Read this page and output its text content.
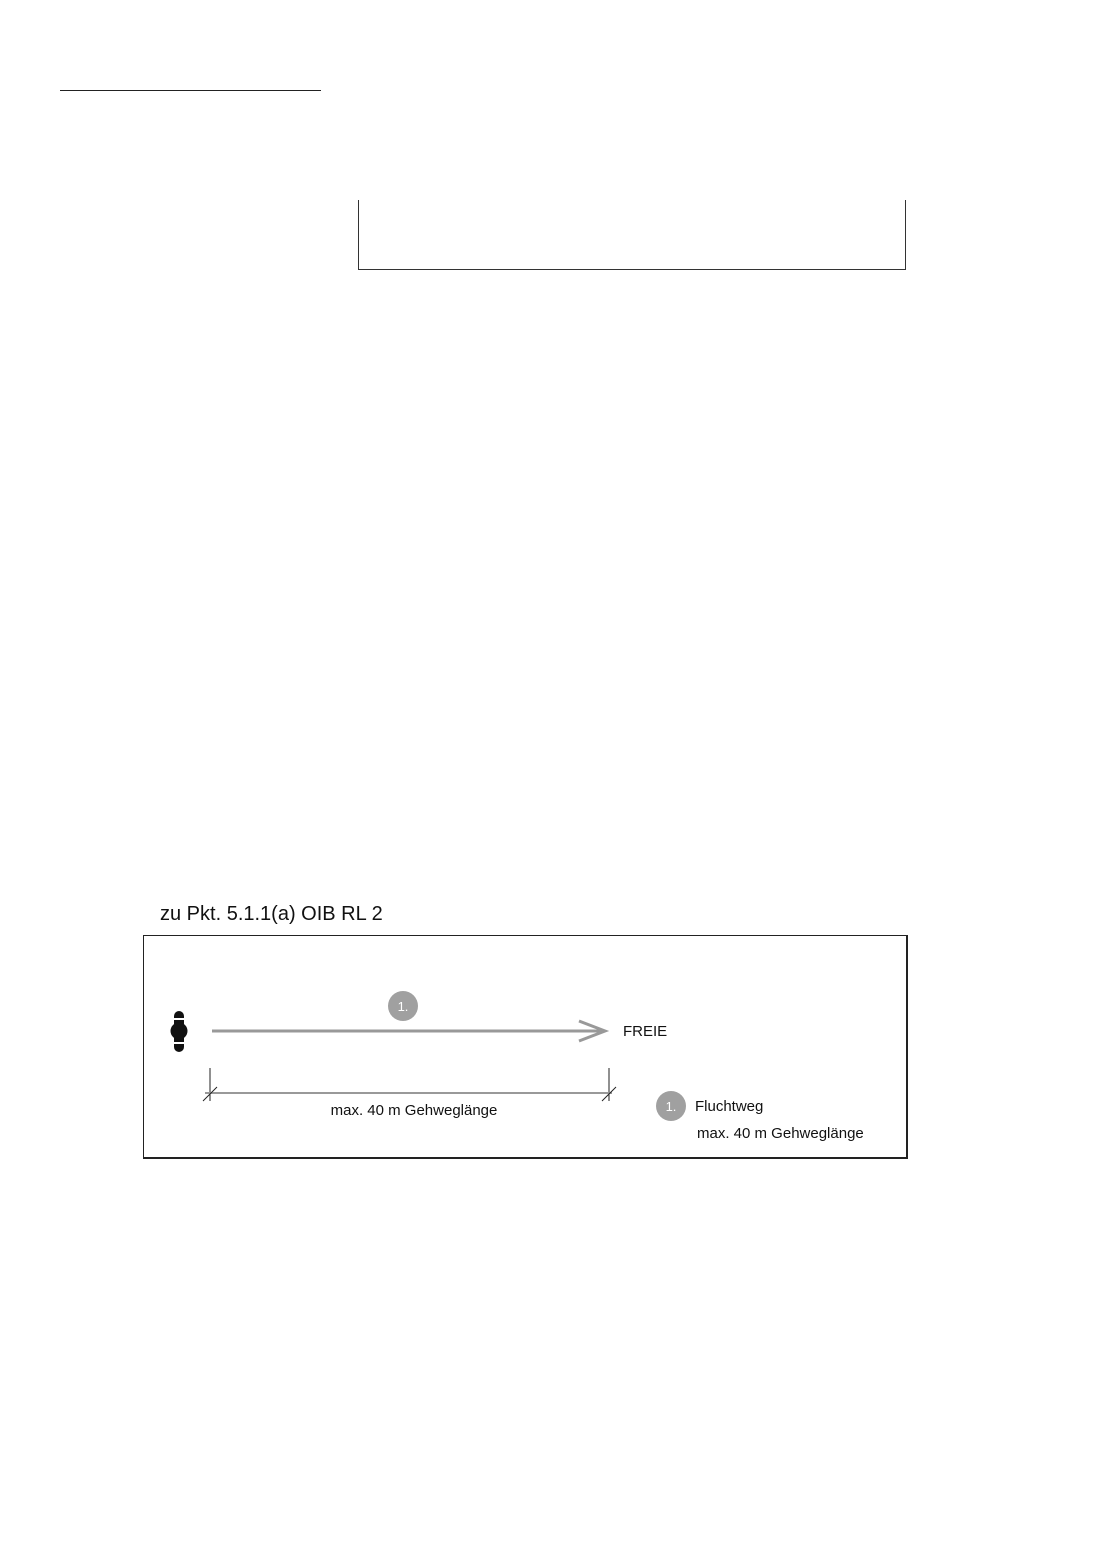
zu Pkt. 5.1.1(a) OIB RL 2
1.
FREIE
max. 40 m Gehweglänge	1. Fluchtweg
max. 40 m Gehweglänge
